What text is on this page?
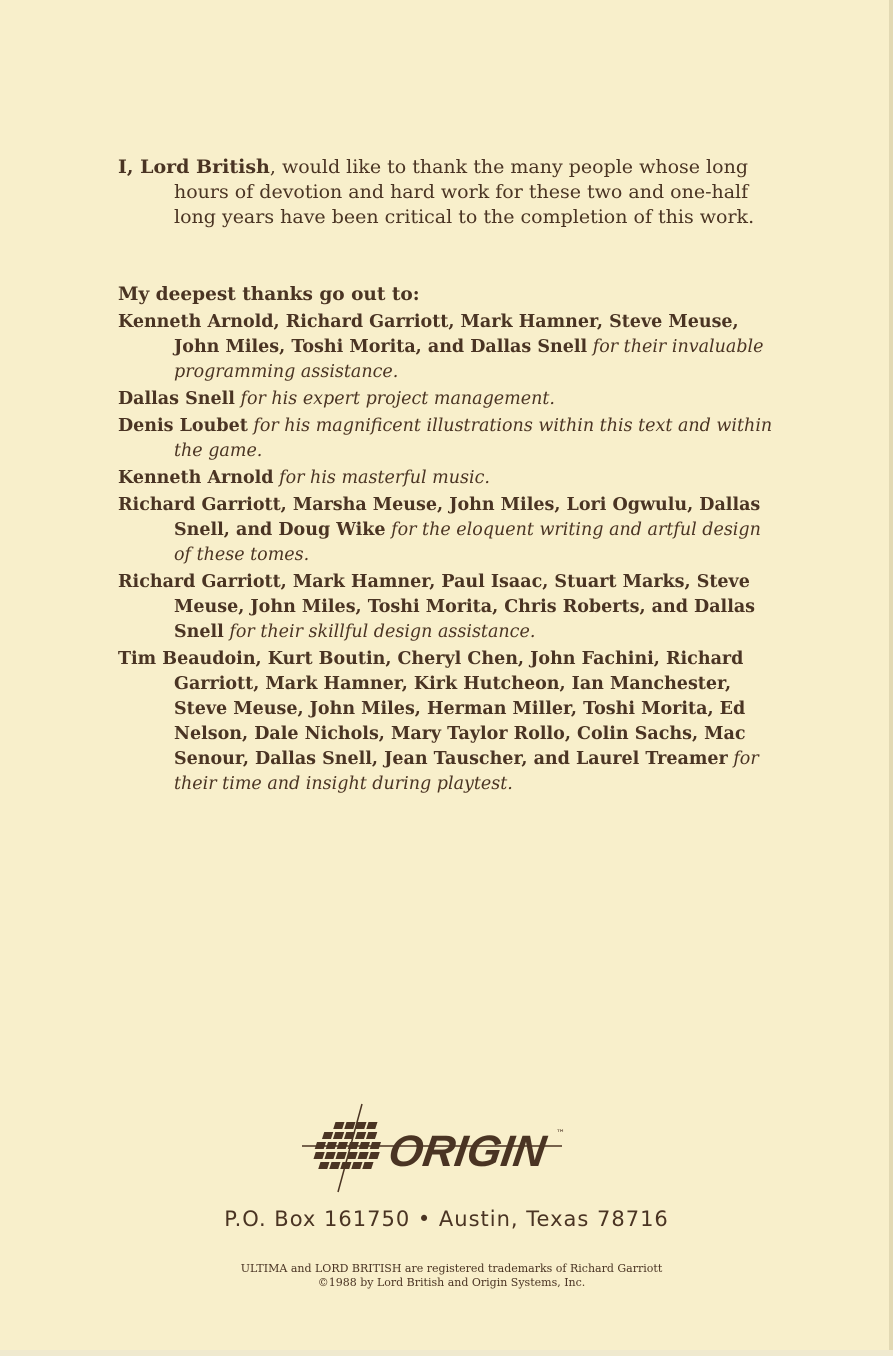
I, Lord British, would like to thank the many people whose long hours of devotion and hard work for these two and one-half long years have been critical to the completion of this work.

My deepest thanks go out to:

Kenneth Arnold, Richard Garriott, Mark Hamner, Steve Meuse, John Miles, Toshi Morita, and Dallas Snell for their invaluable programming assistance.

Dallas Snell for his expert project management.

Denis Loubet for his magnificent illustrations within this text and within the game.

Kenneth Arnold for his masterful music.

Richard Garriott, Marsha Meuse, John Miles, Lori Ogwulu, Dallas Snell, and Doug Wike for the eloquent writing and artful design of these tomes.

Richard Garriott, Mark Hamner, Paul Isaac, Stuart Marks, Steve Meuse, John Miles, Toshi Morita, Chris Roberts, and Dallas Snell for their skillful design assistance.

Tim Beaudoin, Kurt Boutin, Cheryl Chen, John Fachini, Richard Garriott, Mark Hamner, Kirk Hutcheon, Ian Manchester, Steve Meuse, John Miles, Herman Miller, Toshi Morita, Ed Nelson, Dale Nichols, Mary Taylor Rollo, Colin Sachs, Mac Senour, Dallas Snell, Jean Tauscher, and Laurel Treamer for their time and insight during playtest.

ORIGIN ™
P.O. Box 161750 • Austin, Texas 78716
ULTIMA and LORD BRITISH are registered trademarks of Richard Garriott
©1988 by Lord British and Origin Systems, Inc.
